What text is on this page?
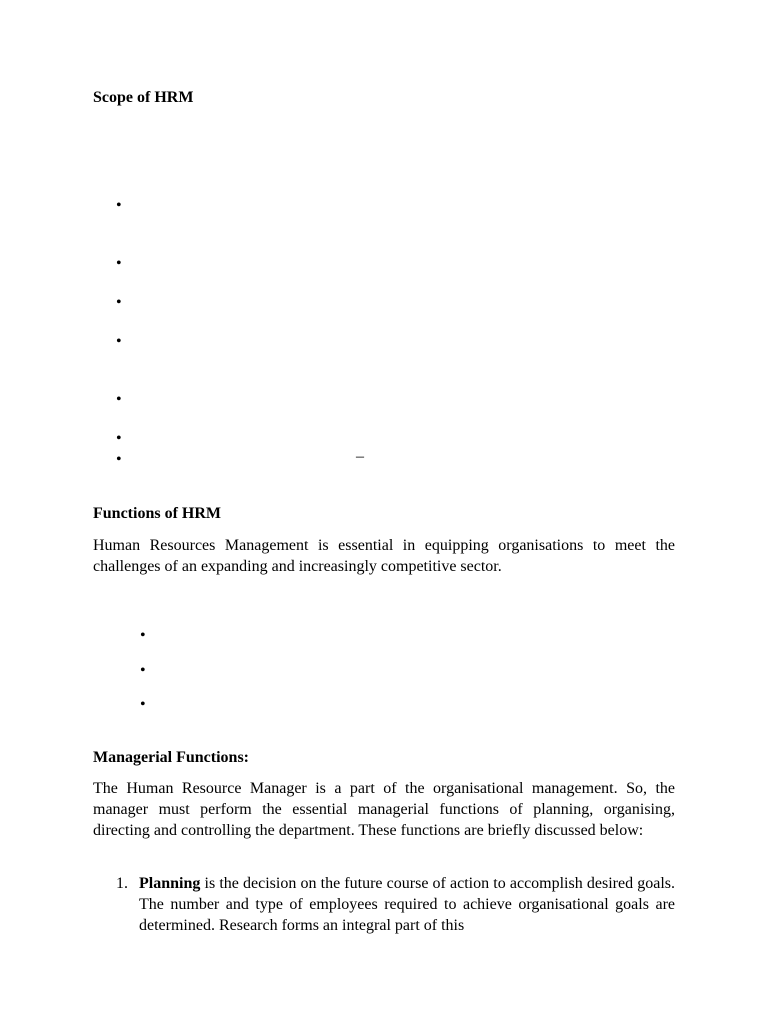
Scope of HRM
•
•
•
•
•
•
•	–
Functions of HRM

Human Resources Management is essential in equipping organisations to meet the challenges of an expanding and increasingly competitive sector.

•
•
•
Managerial Functions:

The Human Resource Manager is a part of the organisational management. So, the manager must perform the essential managerial functions of planning, organising, directing and controlling the department. These functions are briefly discussed below:

1. Planning is the decision on the future course of action to accomplish desired goals. The number and type of employees required to achieve organisational goals are determined. Research forms an integral part of this
